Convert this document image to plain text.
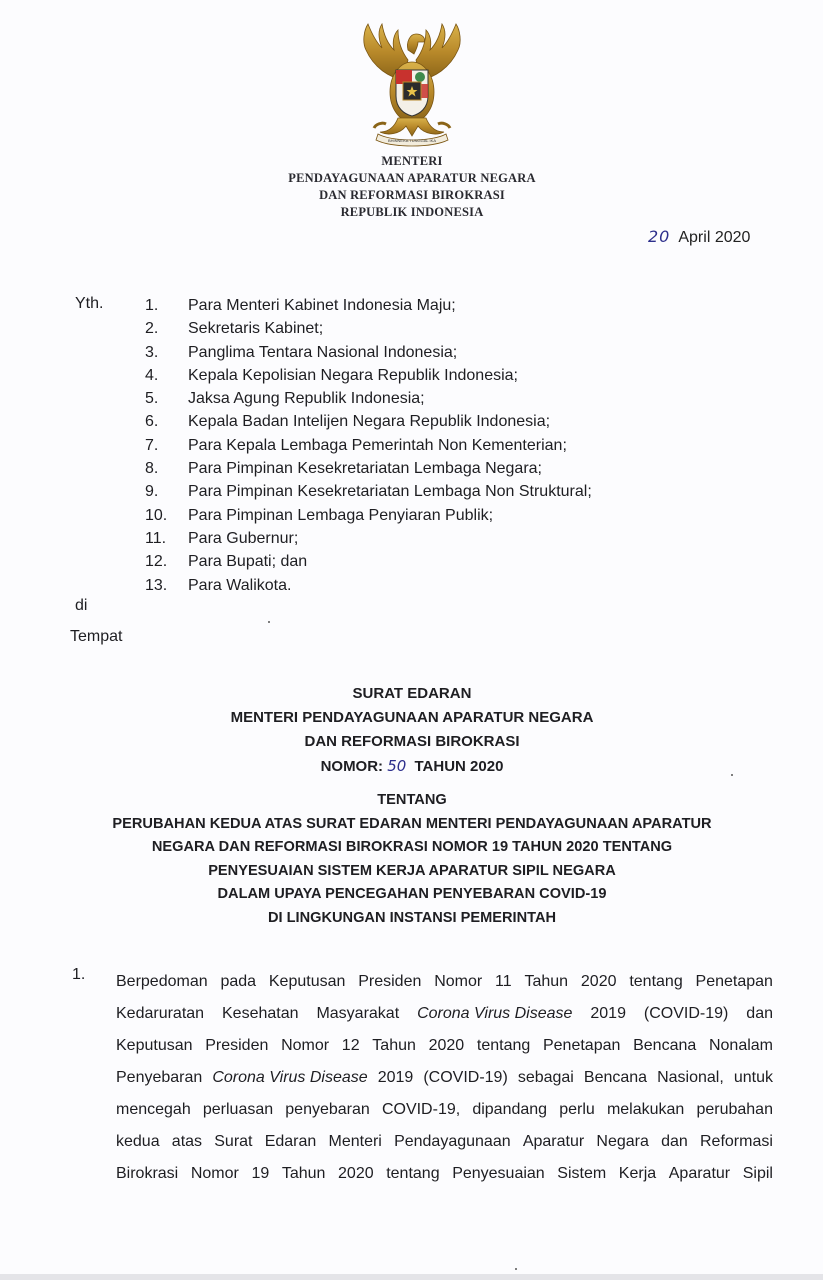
BHINNEKA TUNGGAL IKA
MENTERI
PENDAYAGUNAAN APARATUR NEGARA
DAN REFORMASI BIROKRASI
REPUBLIK INDONESIA
20 April 2020
Yth.	1. Para Menteri Kabinet Indonesia Maju;
2. Sekretaris Kabinet;
3. Panglima Tentara Nasional Indonesia;
4. Kepala Kepolisian Negara Republik Indonesia;
5. Jaksa Agung Republik Indonesia;
6. Kepala Badan Intelijen Negara Republik Indonesia;
7. Para Kepala Lembaga Pemerintah Non Kementerian;
8. Para Pimpinan Kesekretariatan Lembaga Negara;
9. Para Pimpinan Kesekretariatan Lembaga Non Struktural;
10. Para Pimpinan Lembaga Penyiaran Publik;
11. Para Gubernur;
12. Para Bupati; dan
13. Para Walikota.
di
Tempat
SURAT EDARAN
MENTERI PENDAYAGUNAAN APARATUR NEGARA
DAN REFORMASI BIROKRASI
NOMOR: 50 TAHUN 2020
TENTANG
PERUBAHAN KEDUA ATAS SURAT EDARAN MENTERI PENDAYAGUNAAN APARATUR
NEGARA DAN REFORMASI BIROKRASI NOMOR 19 TAHUN 2020 TENTANG
PENYESUAIAN SISTEM KERJA APARATUR SIPIL NEGARA
DALAM UPAYA PENCEGAHAN PENYEBARAN COVID-19
DI LINGKUNGAN INSTANSI PEMERINTAH
1. Berpedoman pada Keputusan Presiden Nomor 11 Tahun 2020 tentang Penetapan
Kedaruratan Kesehatan Masyarakat Corona Virus Disease 2019 (COVID-19) dan
Keputusan Presiden Nomor 12 Tahun 2020 tentang Penetapan Bencana Nonalam
Penyebaran Corona Virus Disease 2019 (COVID-19) sebagai Bencana Nasional, untuk
mencegah perluasan penyebaran COVID-19, dipandang perlu melakukan perubahan
kedua atas Surat Edaran Menteri Pendayagunaan Aparatur Negara dan Reformasi
Birokrasi Nomor 19 Tahun 2020 tentang Penyesuaian Sistem Kerja Aparatur Sipil
